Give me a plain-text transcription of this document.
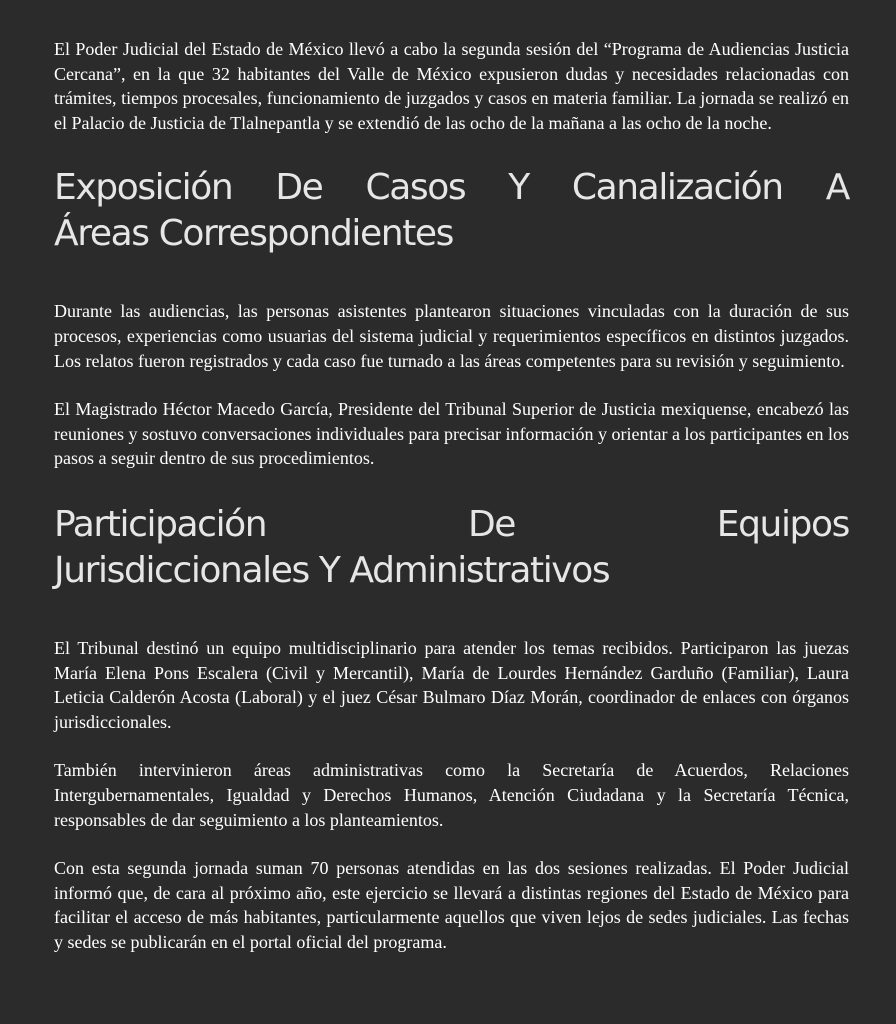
El Poder Judicial del Estado de México llevó a cabo la segunda sesión del “Programa de Audiencias Justicia Cercana”, en la que 32 habitantes del Valle de México expusieron dudas y necesidades relacionadas con trámites, tiempos procesales, funcionamiento de juzgados y casos en materia familiar. La jornada se realizó en el Palacio de Justicia de Tlalnepantla y se extendió de las ocho de la mañana a las ocho de la noche.

Exposición De Casos Y Canalización A
Áreas Correspondientes

Durante las audiencias, las personas asistentes plantearon situaciones vinculadas con la duración de sus procesos, experiencias como usuarias del sistema judicial y requerimientos específicos en distintos juzgados. Los relatos fueron registrados y cada caso fue turnado a las áreas competentes para su revisión y seguimiento.

El Magistrado Héctor Macedo García, Presidente del Tribunal Superior de Justicia mexiquense, encabezó las reuniones y sostuvo conversaciones individuales para precisar información y orientar a los participantes en los pasos a seguir dentro de sus procedimientos.

Participación De Equipos
Jurisdiccionales Y Administrativos

El Tribunal destinó un equipo multidisciplinario para atender los temas recibidos. Participaron las juezas María Elena Pons Escalera (Civil y Mercantil), María de Lourdes Hernández Garduño (Familiar), Laura Leticia Calderón Acosta (Laboral) y el juez César Bulmaro Díaz Morán, coordinador de enlaces con órganos jurisdiccionales.

También intervinieron áreas administrativas como la Secretaría de Acuerdos, Relaciones Intergubernamentales, Igualdad y Derechos Humanos, Atención Ciudadana y la Secretaría Técnica, responsables de dar seguimiento a los planteamientos.

Con esta segunda jornada suman 70 personas atendidas en las dos sesiones realizadas. El Poder Judicial informó que, de cara al próximo año, este ejercicio se llevará a distintas regiones del Estado de México para facilitar el acceso de más habitantes, particularmente aquellos que viven lejos de sedes judiciales. Las fechas y sedes se publicarán en el portal oficial del programa.
